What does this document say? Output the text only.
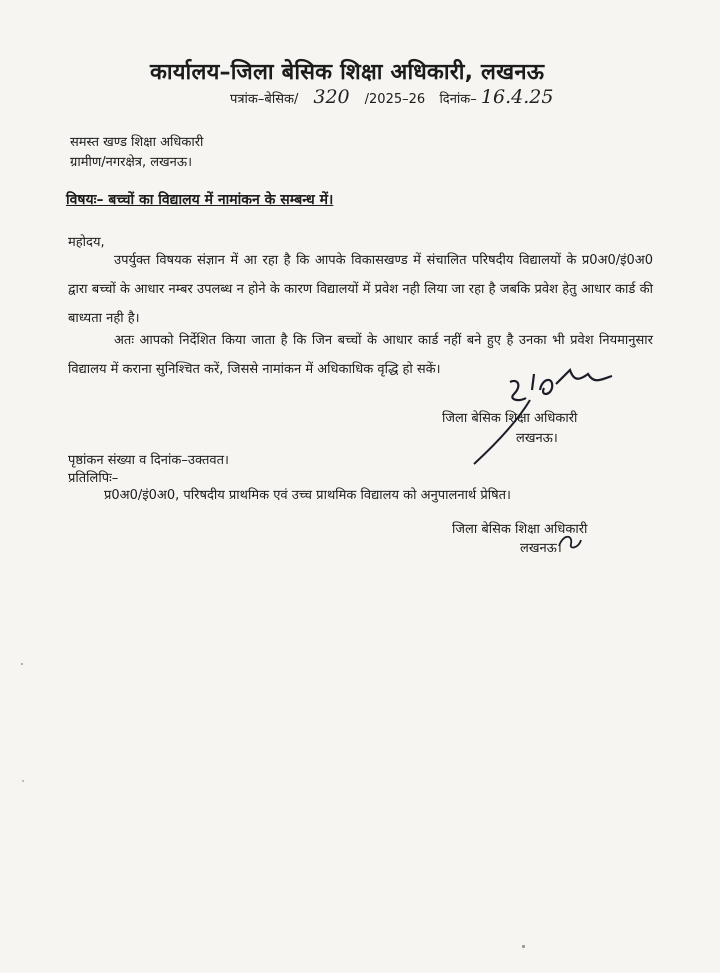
कार्यालय–जिला बेसिक शिक्षा अधिकारी, लखनऊ
पत्रांक–बेसिक/ 320 /2025–26 दिनांक– 16.4.25
समस्त खण्ड शिक्षा अधिकारी
ग्रामीण/नगरक्षेत्र, लखनऊ।
विषयः– बच्चों का विद्यालय में नामांकन के सम्बन्ध में।
महोदय,
उपर्युक्त विषयक संज्ञान में आ रहा है कि आपके विकासखण्ड में संचालित परिषदीय विद्यालयों के प्र0अ0/इं0अ0 द्वारा बच्चों के आधार नम्बर उपलब्ध न होने के कारण विद्यालयों में प्रवेश नही लिया जा रहा है जबकि प्रवेश हेतु आधार कार्ड की बाध्यता नही है।
अतः आपको निर्देशित किया जाता है कि जिन बच्चों के आधार कार्ड नहीं बने हुए है उनका भी प्रवेश नियमानुसार विद्यालय में कराना सुनिश्चित करें, जिससे नामांकन में अधिकाधिक वृद्धि हो सकें।
जिला बेसिक शिक्षा अधिकारी
लखनऊ।
पृष्ठांकन संख्या व दिनांक–उक्तवत।
प्रतिलिपिः–
प्र0अ0/इं0अ0, परिषदीय प्राथमिक एवं उच्च प्राथमिक विद्यालय को अनुपालनार्थ प्रेषित।
जिला बेसिक शिक्षा अधिकारी
लखनऊ।
